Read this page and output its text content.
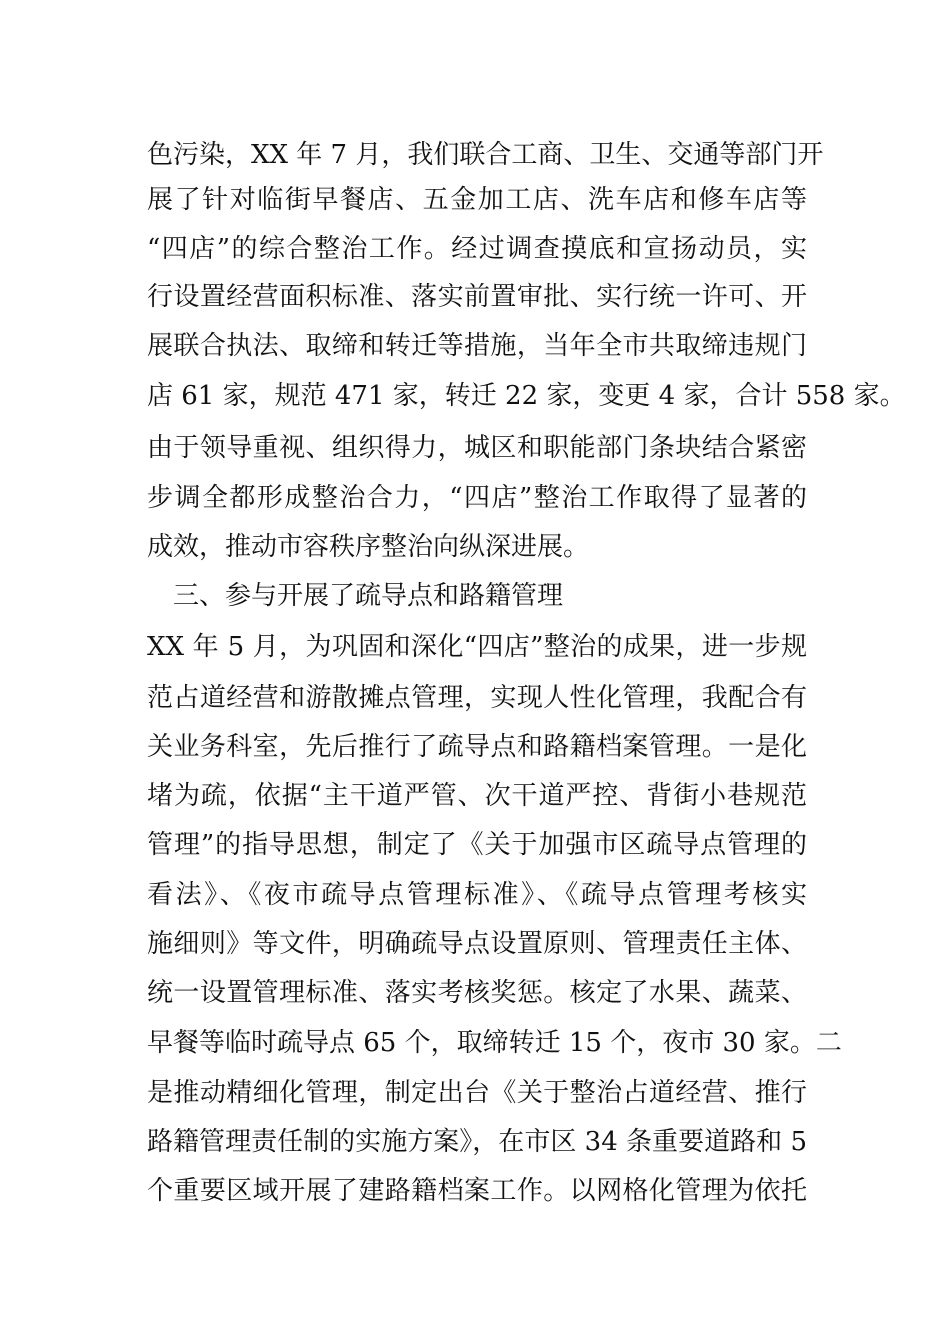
色污染，XX 年 7 月，我们联合工商、卫生、交通等部门开
展了针对临街早餐店、五金加工店、洗车店和修车店等
“四店”的综合整治工作。经过调查摸底和宣扬动员，实
行设置经营面积标准、落实前置审批、实行统一许可、开
展联合执法、取缔和转迁等措施，当年全市共取缔违规门
店 61 家，规范 471 家，转迁 22 家，变更 4 家，合计 558 家。
由于领导重视、组织得力，城区和职能部门条块结合紧密
步调全都形成整治合力，“四店”整治工作取得了显著的
成效，推动市容秩序整治向纵深进展。
三、参与开展了疏导点和路籍管理
XX 年 5 月，为巩固和深化“四店”整治的成果，进一步规
范占道经营和游散摊点管理，实现人性化管理，我配合有
关业务科室，先后推行了疏导点和路籍档案管理。一是化
堵为疏，依据“主干道严管、次干道严控、背街小巷规范
管理”的指导思想，制定了《关于加强市区疏导点管理的
看法》、《夜市疏导点管理标准》、《疏导点管理考核实
施细则》等文件，明确疏导点设置原则、管理责任主体、
统一设置管理标准、落实考核奖惩。核定了水果、蔬菜、
早餐等临时疏导点 65 个，取缔转迁 15 个，夜市 30 家。二
是推动精细化管理，制定出台《关于整治占道经营、推行
路籍管理责任制的实施方案》，在市区 34 条重要道路和 5
个重要区域开展了建路籍档案工作。以网格化管理为依托
